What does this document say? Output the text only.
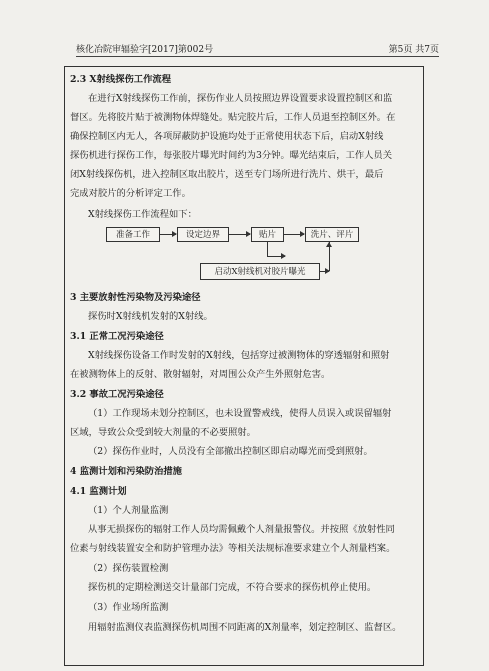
核化冶院审辐验字[2017]第002号	第5页 共7页
2.3 X射线探伤工作流程
在进行X射线探伤工作前，探伤作业人员按照边界设置要求设置控制区和监
督区。先将胶片贴于被测物体焊缝处。贴完胶片后，工作人员退至控制区外。在
确保控制区内无人，各项屏蔽防护设施均处于正常使用状态下后，启动X射线
探伤机进行探伤工作，每张胶片曝光时间约为3分钟。曝光结束后，工作人员关
闭X射线探伤机，进入控制区取出胶片，送至专门场所进行洗片、烘干，最后
完成对胶片的分析评定工作。
X射线探伤工作流程如下：
准备工作	设定边界	贴片	洗片、评片
启动X射线机对胶片曝光
3 主要放射性污染物及污染途径
探伤时X射线机发射的X射线。
3.1 正常工况污染途径
X射线探伤设备工作时发射的X射线，包括穿过被测物体的穿透辐射和照射
在被测物体上的反射、散射辐射，对周围公众产生外照射危害。
3.2 事故工况污染途径
（1）工作现场未划分控制区，也未设置警戒线，使得人员误入或误留辐射
区域，导致公众受到较大剂量的不必要照射。
（2）探伤作业时，人员没有全部撤出控制区即启动曝光而受到照射。
4 监测计划和污染防治措施
4.1 监测计划
（1）个人剂量监测
从事无损探伤的辐射工作人员均需佩戴个人剂量报警仪。并按照《放射性同
位素与射线装置安全和防护管理办法》等相关法规标准要求建立个人剂量档案。
（2）探伤装置检测
探伤机的定期检测送交计量部门完成，不符合要求的探伤机停止使用。
（3）作业场所监测
用辐射监测仪表监测探伤机周围不同距离的X剂量率，划定控制区、监督区。
